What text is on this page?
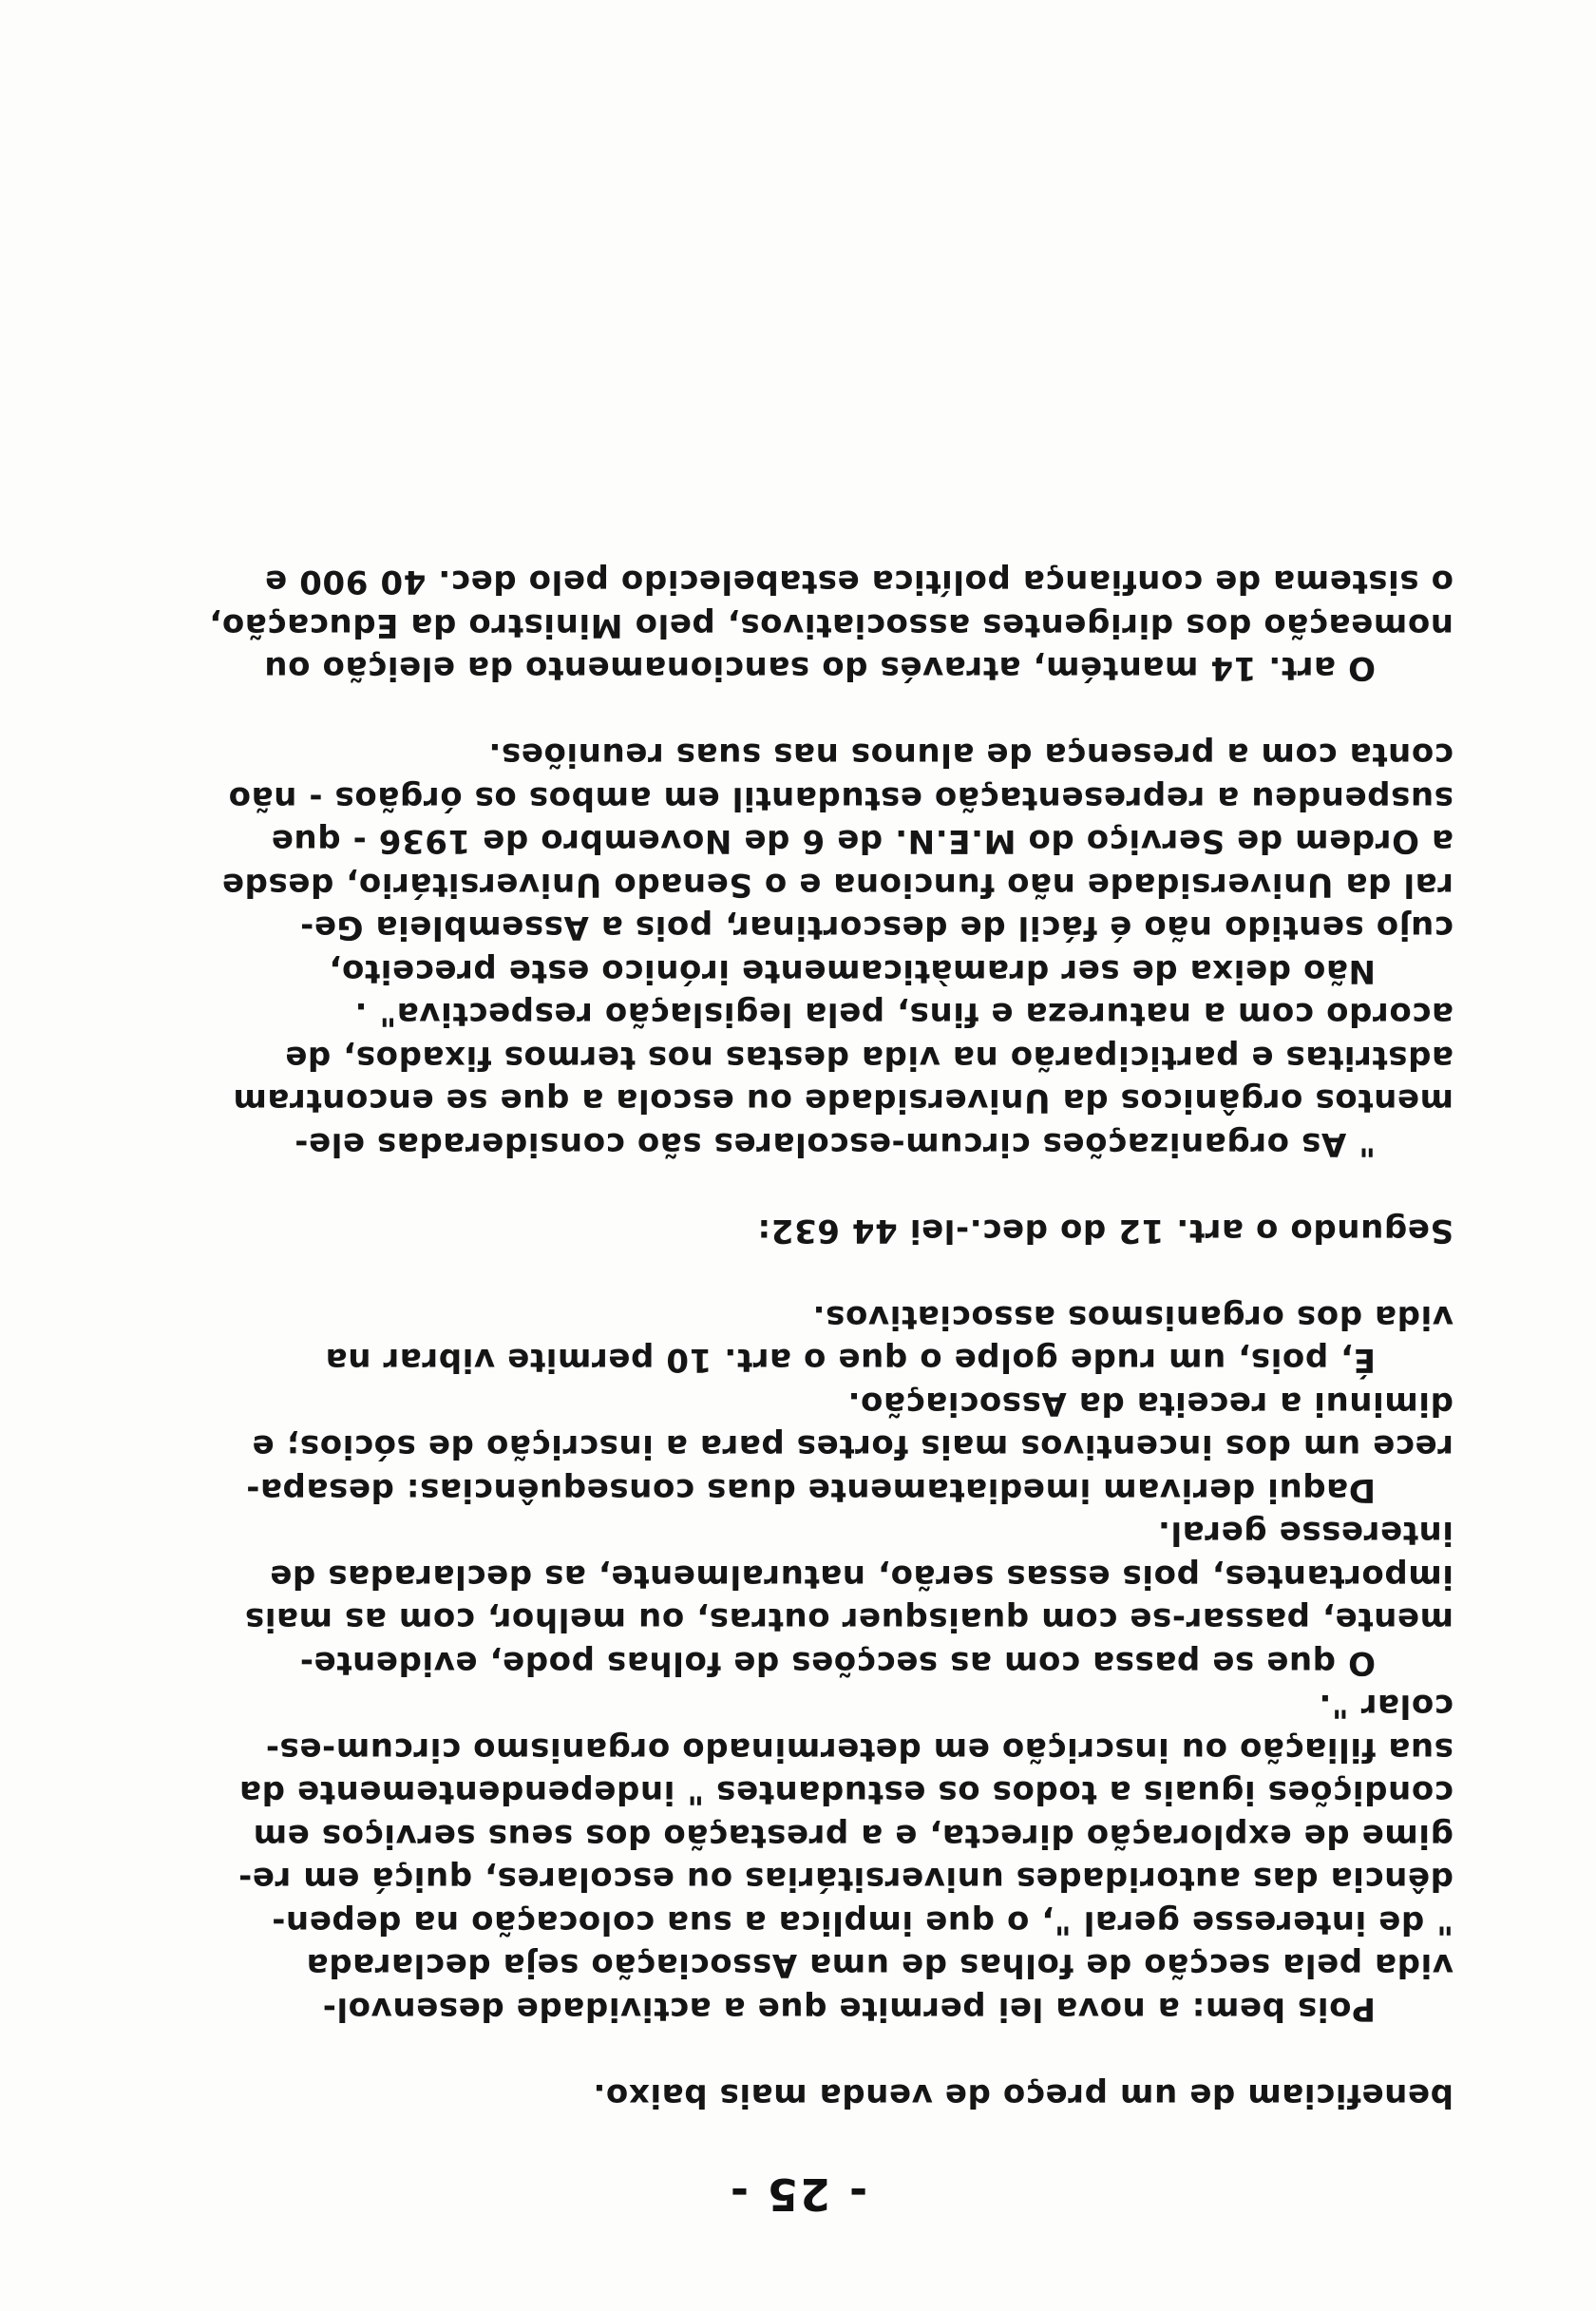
- 25 -
beneficiam de um preço de venda mais baixo.
Pois bem: a nova lei permite que a actividade desenvol-
vida pela secção de folhas de uma Associação seja declarada
" de interesse geral ", o que implica a sua colocação na depen-
dência das autoridades universitárias ou escolares, quiçá em re-
gime de exploração directa, e a prestação dos seus serviços em
condições iguais a todos os estudantes " independentemente da
sua filiação ou inscrição em determinado organismo circum-es-
colar ".
O que se passa com as secções de folhas pode, evidente-
mente, passar-se com quaisquer outras, ou melhor, com as mais
importantes, pois essas serão, naturalmente, as declaradas de
interesse geral.
Daqui derivam imediatamente duas consequências: desapa-
rece um dos incentivos mais fortes para a inscrição de sócios; e
diminui a receita da Associação.
É, pois, um rude golpe o que o art. 10 permite vibrar na
vida dos organismos associativos.
Segundo o art. 12 do dec.-lei 44 632:
" As organizações circum-escolares são consideradas ele-
mentos orgânicos da Universidade ou escola a que se encontram
adstritas e participarão na vida destas nos termos fixados, de
acordo com a natureza e fins, pela legislação respectiva" .
Não deixa de ser dramàticamente irónico este preceito,
cujo sentido não é fácil de descortinar, pois a Assembleia Ge-
ral da Universidade não funciona e o Senado Universitário, desde
a Ordem de Serviço do M.E.N. de 6 de Novembro de 1936 - que
suspendeu a representação estudantil em ambos os órgãos - não
conta com a presença de alunos nas suas reuniões.
O art. 14 mantém, através do sancionamento da eleição ou
nomeação dos dirigentes associativos, pelo Ministro da Educação,
o sistema de confiança política estabelecido pelo dec. 40 900 e
